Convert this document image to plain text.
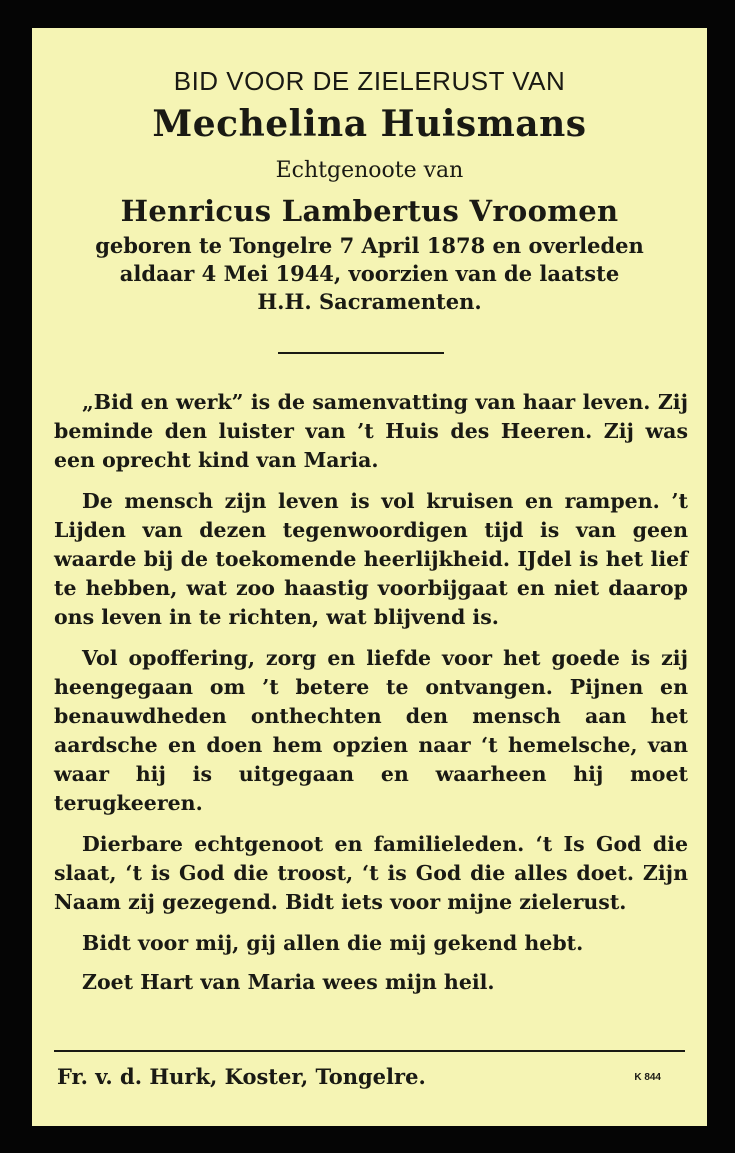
BID VOOR DE ZIELERUST VAN
Mechelina Huismans
Echtgenoote van
Henricus Lambertus Vroomen
geboren te Tongelre 7 April 1878 en overleden
aldaar 4 Mei 1944, voorzien van de laatste
H.H. Sacramenten.

„Bid en werk” is de samenvatting van haar leven. Zij beminde den luister van ’t Huis des Heeren. Zij was een oprecht kind van Maria.

De mensch zijn leven is vol kruisen en rampen. ’t Lijden van dezen tegenwoordigen tijd is van geen waarde bij de toekomende heerlijkheid. IJdel is het lief te hebben, wat zoo haastig voorbijgaat en niet daarop ons leven in te richten, wat blijvend is.

Vol opoffering, zorg en liefde voor het goede is zij heengegaan om ’t betere te ontvangen. Pijnen en benauwdheden onthechten den mensch aan het aardsche en doen hem opzien naar ‘t hemelsche, van waar hij is uitgegaan en waarheen hij moet terugkeeren.

Dierbare echtgenoot en familieleden. ‘t Is God die slaat, ‘t is God die troost, ‘t is God die alles doet. Zijn Naam zij gezegend. Bidt iets voor mijne zielerust.

Bidt voor mij, gij allen die mij gekend hebt.

Zoet Hart van Maria wees mijn heil.

Fr. v. d. Hurk, Koster, Tongelre.	K 844
